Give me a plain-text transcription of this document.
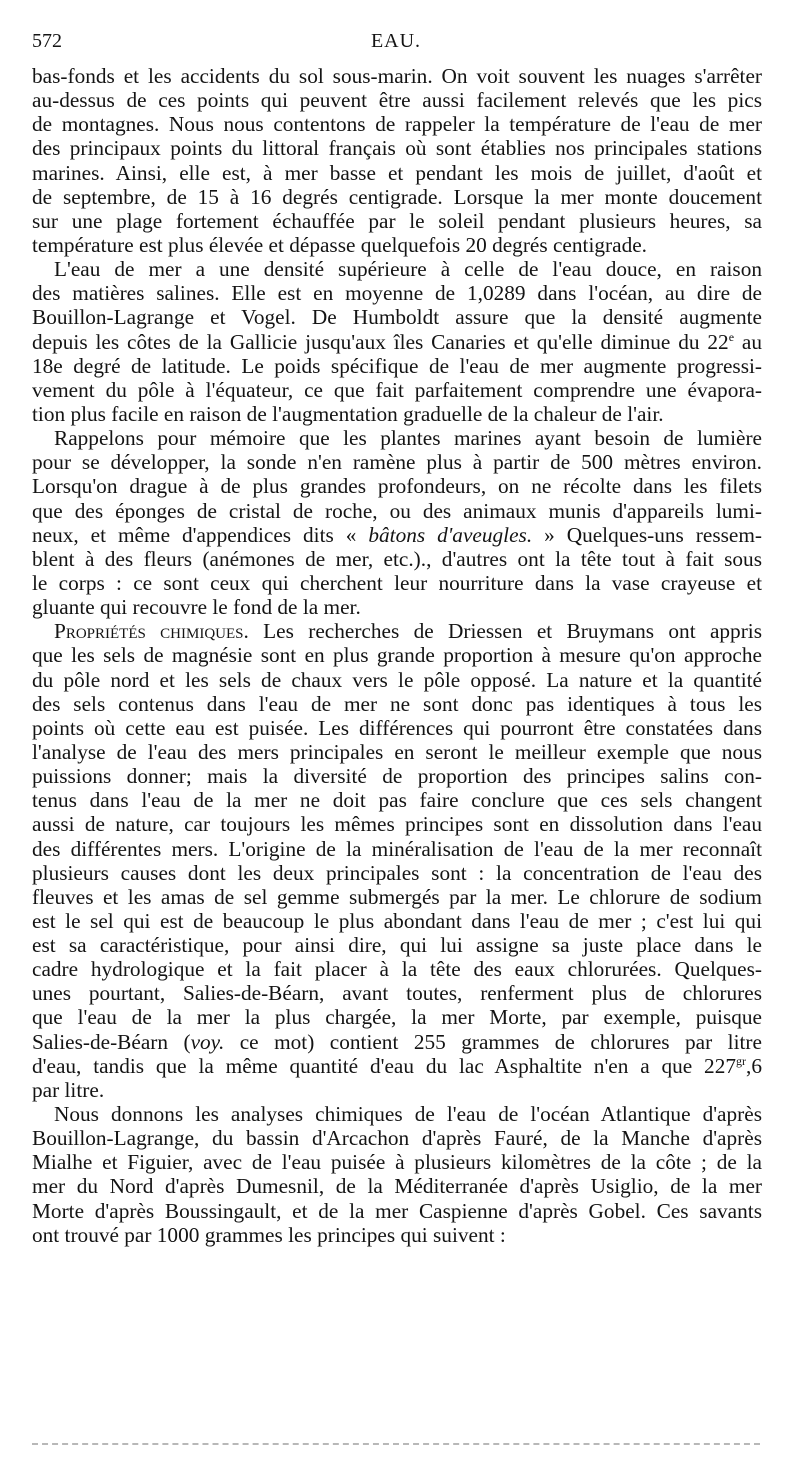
572	EAU.
bas-fonds et les accidents du sol sous-marin. On voit souvent les nuages s'arrêter
au-dessus de ces points qui peuvent être aussi facilement relevés que les pics
de montagnes. Nous nous contentons de rappeler la température de l'eau de mer
des principaux points du littoral français où sont établies nos principales stations
marines. Ainsi, elle est, à mer basse et pendant les mois de juillet, d'août et
de septembre, de 15 à 16 degrés centigrade. Lorsque la mer monte doucement
sur une plage fortement échauffée par le soleil pendant plusieurs heures, sa
température est plus élevée et dépasse quelquefois 20 degrés centigrade.
L'eau de mer a une densité supérieure à celle de l'eau douce, en raison
des matières salines. Elle est en moyenne de 1,0289 dans l'océan, au dire de
Bouillon-Lagrange et Vogel. De Humboldt assure que la densité augmente
depuis les côtes de la Gallicie jusqu'aux îles Canaries et qu'elle diminue du 22e au
18e degré de latitude. Le poids spécifique de l'eau de mer augmente progressi-
vement du pôle à l'équateur, ce que fait parfaitement comprendre une évapora-
tion plus facile en raison de l'augmentation graduelle de la chaleur de l'air.
Rappelons pour mémoire que les plantes marines ayant besoin de lumière
pour se développer, la sonde n'en ramène plus à partir de 500 mètres environ.
Lorsqu'on drague à de plus grandes profondeurs, on ne récolte dans les filets
que des éponges de cristal de roche, ou des animaux munis d'appareils lumi-
neux, et même d'appendices dits « bâtons d'aveugles. » Quelques-uns ressem-
blent à des fleurs (anémones de mer, etc.)., d'autres ont la tête tout à fait sous
le corps : ce sont ceux qui cherchent leur nourriture dans la vase crayeuse et
gluante qui recouvre le fond de la mer.
Propriétés chimiques. Les recherches de Driessen et Bruymans ont appris
que les sels de magnésie sont en plus grande proportion à mesure qu'on approche
du pôle nord et les sels de chaux vers le pôle opposé. La nature et la quantité
des sels contenus dans l'eau de mer ne sont donc pas identiques à tous les
points où cette eau est puisée. Les différences qui pourront être constatées dans
l'analyse de l'eau des mers principales en seront le meilleur exemple que nous
puissions donner; mais la diversité de proportion des principes salins con-
tenus dans l'eau de la mer ne doit pas faire conclure que ces sels changent
aussi de nature, car toujours les mêmes principes sont en dissolution dans l'eau
des différentes mers. L'origine de la minéralisation de l'eau de la mer reconnaît
plusieurs causes dont les deux principales sont : la concentration de l'eau des
fleuves et les amas de sel gemme submergés par la mer. Le chlorure de sodium
est le sel qui est de beaucoup le plus abondant dans l'eau de mer ; c'est lui qui
est sa caractéristique, pour ainsi dire, qui lui assigne sa juste place dans le
cadre hydrologique et la fait placer à la tête des eaux chlorurées. Quelques-
unes pourtant, Salies-de-Béarn, avant toutes, renferment plus de chlorures
que l'eau de la mer la plus chargée, la mer Morte, par exemple, puisque
Salies-de-Béarn (voy. ce mot) contient 255 grammes de chlorures par litre
d'eau, tandis que la même quantité d'eau du lac Asphaltite n'en a que $227^{gr},6$
par litre.
Nous donnons les analyses chimiques de l'eau de l'océan Atlantique d'après
Bouillon-Lagrange, du bassin d'Arcachon d'après Fauré, de la Manche d'après
Mialhe et Figuier, avec de l'eau puisée à plusieurs kilomètres de la côte ; de la
mer du Nord d'après Dumesnil, de la Méditerranée d'après Usiglio, de la mer
Morte d'après Boussingault, et de la mer Caspienne d'après Gobel. Ces savants
ont trouvé par 1000 grammes les principes qui suivent :
